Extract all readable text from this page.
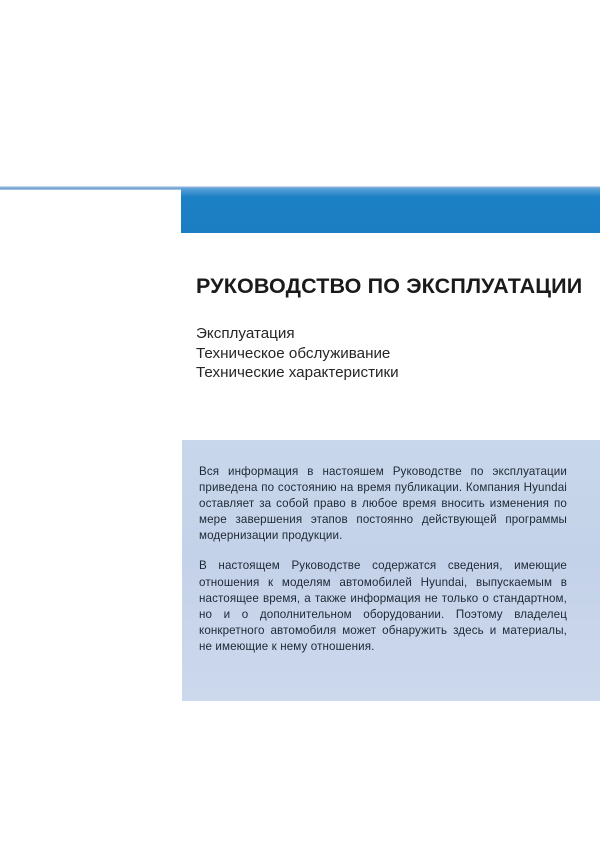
РУКОВОДСТВО ПО ЭКСПЛУАТАЦИИ
Эксплуатация
Техническое обслуживание
Технические характеристики

Вся информация в настояшем Руководстве по эксплуатации приведена по состоянию на время публикации. Компания Hyundai оставляет за собой право в любое время вносить изменения по мере завершения этапов постоянно действующей программы модернизации продукции.

В настоящем Руководстве содержатся сведения, имеющие отношения к моделям автомобилей Hyundai, выпускаемым в настоящее время, а также информация не только о стандартном, но и о дополнительном оборудовании. Поэтому владелец конкретного автомобиля может обнаружить здесь и материалы, не имеющие к нему отношения.
